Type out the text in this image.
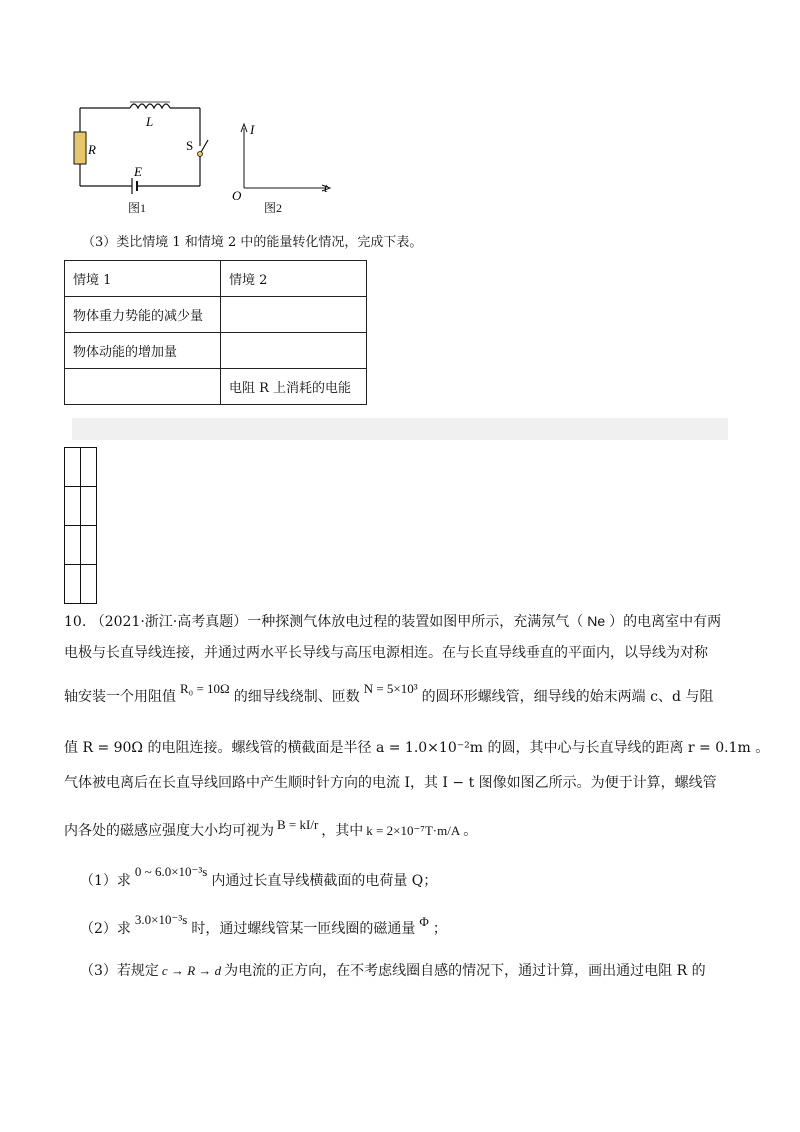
L
R	S
E
图1
I
t
O
图2
（3）类比情境 1 和情境 2 中的能量转化情况，完成下表。
情境 1	情境 2
物体重力势能的减少量	
物体动能的增加量	
	电阻 R 上消耗的电能

10. （2021·浙江·高考真题）一种探测气体放电过程的装置如图甲所示，充满氖气（ Ne ）的电离室中有两
电极与长直导线连接，并通过两水平长导线与高压电源相连。在与长直导线垂直的平面内，以导线为对称
轴安装一个用阻值R₀ = 10Ω的细导线绕制、匝数N = 5×10³的圆环形螺线管，细导线的始末两端 c、d 与阻
值 R = 90Ω 的电阻连接。螺线管的横截面是半径 a = 1.0×10⁻²m 的圆，其中心与长直导线的距离 r = 0.1m 。
气体被电离后在长直导线回路中产生顺时针方向的电流 I，其 I − t 图像如图乙所示。为便于计算，螺线管
内各处的磁感应强度大小均可视为 B = kI/r ，其中 k = 2×10⁻⁷T·m/A 。
（1）求0 ~ 6.0×10⁻³s内通过长直导线横截面的电荷量 Q；
（2）求3.0×10⁻³s时，通过螺线管某一匝线圈的磁通量 Φ ；
（3）若规定 c → R → d 为电流的正方向，在不考虑线圈自感的情况下，通过计算，画出通过电阻 R 的
